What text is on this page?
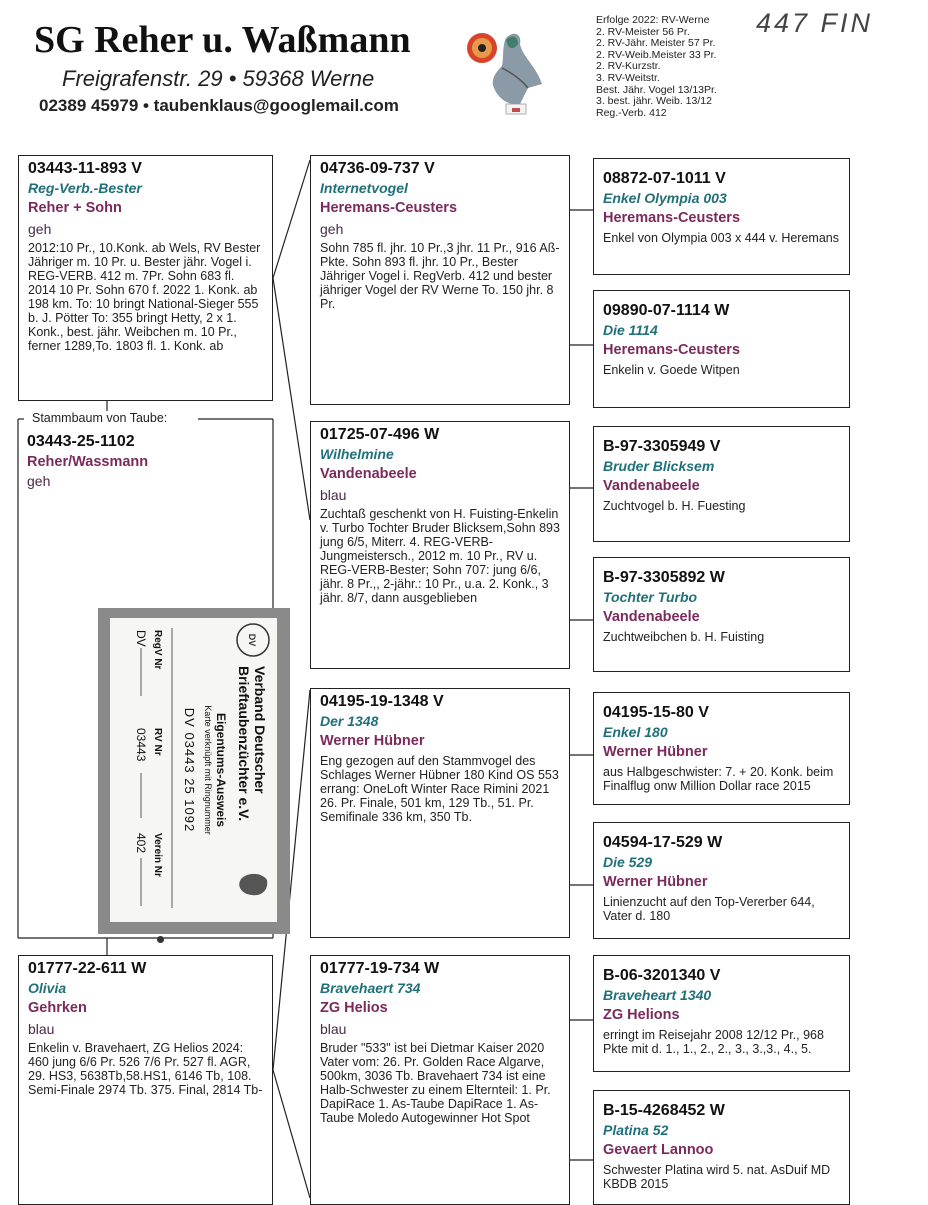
SG Reher u. Waßmann
Freigrafenstr. 29 • 59368 Werne
02389 45979 • taubenklaus@googlemail.com
Erfolge 2022: RV-Werne
2. RV-Meister 56 Pr.
2. RV-Jähr. Meister 57 Pr.
2. RV-Weib.Meister 33 Pr.
2. RV-Kurzstr.
3. RV-Weitstr.
Best. Jähr. Vogel 13/13Pr.
3. best. jähr. Weib. 13/12
Reg.-Verb. 412
447 FIN
03443-11-893 V
Reg-Verb.-Bester
Reher + Sohn
geh
2012:10 Pr., 10.Konk. ab Wels, RV Bester Jähriger m. 10 Pr. u. Bester jähr. Vogel i. REG-VERB. 412 m. 7Pr. Sohn 683 fl. 2014 10 Pr. Sohn 670 f. 2022 1. Konk. ab 198 km. To: 10 bringt National-Sieger 555 b. J. Pötter To: 355 bringt Hetty, 2 x 1. Konk., best. jähr. Weibchen m. 10 Pr., ferner 1289,To. 1803 fl. 1. Konk. ab
Stammbaum von Taube:
03443-25-1102
Reher/Wassmann
geh
DV
Verband Deutscher
Brieftaubenzüchter e.V.
Eigentums-Ausweis
Karte verknüpft mit Ringnummer
DV 03443 25 1092
RegV Nr
DV
RV Nr
03443
Verein Nr
402
01777-22-611 W
Olivia
Gehrken
blau
Enkelin v. Bravehaert, ZG Helios 2024: 460 jung 6/6 Pr. 526 7/6 Pr. 527 fl. AGR, 29. HS3, 5638Tb,58.HS1, 6146 Tb, 108. Semi-Finale 2974 Tb. 375. Final, 2814 Tb-
04736-09-737 V
Internetvogel
Heremans-Ceusters
geh
Sohn 785 fl. jhr. 10 Pr.,3 jhr. 11 Pr., 916 Aß-Pkte. Sohn 893 fl. jhr. 10 Pr., Bester Jähriger Vogel i. RegVerb. 412 und bester jähriger Vogel der RV Werne To. 150 jhr. 8 Pr.
01725-07-496 W
Wilhelmine
Vandenabeele
blau
Zuchtaß geschenkt von H. Fuisting-Enkelin v. Turbo Tochter Bruder Blicksem,Sohn 893 jung 6/5, Miterr. 4. REG-VERB- Jungmeistersch., 2012 m. 10 Pr., RV u. REG-VERB-Bester; Sohn 707: jung 6/6, jähr. 8 Pr.,, 2-jähr.: 10 Pr., u.a. 2. Konk., 3 jähr. 8/7, dann ausgeblieben
04195-19-1348 V
Der 1348
Werner Hübner
Eng gezogen auf den Stammvogel des Schlages Werner Hübner 180 Kind OS 553 errang: OneLoft Winter Race Rimini 2021 26. Pr. Finale, 501 km, 129 Tb., 51. Pr. Semifinale 336 km, 350 Tb.
01777-19-734 W
Bravehaert 734
ZG Helios
blau
Bruder "533" ist bei Dietmar Kaiser 2020 Vater vom: 26. Pr. Golden Race Algarve, 500km, 3036 Tb. Bravehaert 734 ist eine Halb-Schwester zu einem Elternteil: 1. Pr. DapiRace 1. As-Taube DapiRace 1. As-Taube Moledo Autogewinner Hot Spot
08872-07-1011 V
Enkel Olympia 003
Heremans-Ceusters
Enkel von Olympia 003 x 444 v. Heremans
09890-07-1114 W
Die 1114
Heremans-Ceusters
Enkelin v. Goede Witpen
B-97-3305949 V
Bruder Blicksem
Vandenabeele
Zuchtvogel b. H. Fuesting
B-97-3305892 W
Tochter Turbo
Vandenabeele
Zuchtweibchen b. H. Fuisting
04195-15-80 V
Enkel 180
Werner Hübner
aus Halbgeschwister: 7. + 20. Konk. beim Finalflug onw Million Dollar race 2015
04594-17-529 W
Die 529
Werner Hübner
Linienzucht auf den Top-Vererber 644, Vater d. 180
B-06-3201340 V
Braveheart 1340
ZG Helions
erringt im Reisejahr 2008 12/12 Pr., 968 Pkte mit d. 1., 1., 2., 2., 3., 3.,3., 4., 5.
B-15-4268452 W
Platina 52
Gevaert Lannoo
Schwester Platina wird 5. nat. AsDuif MD KBDB 2015
